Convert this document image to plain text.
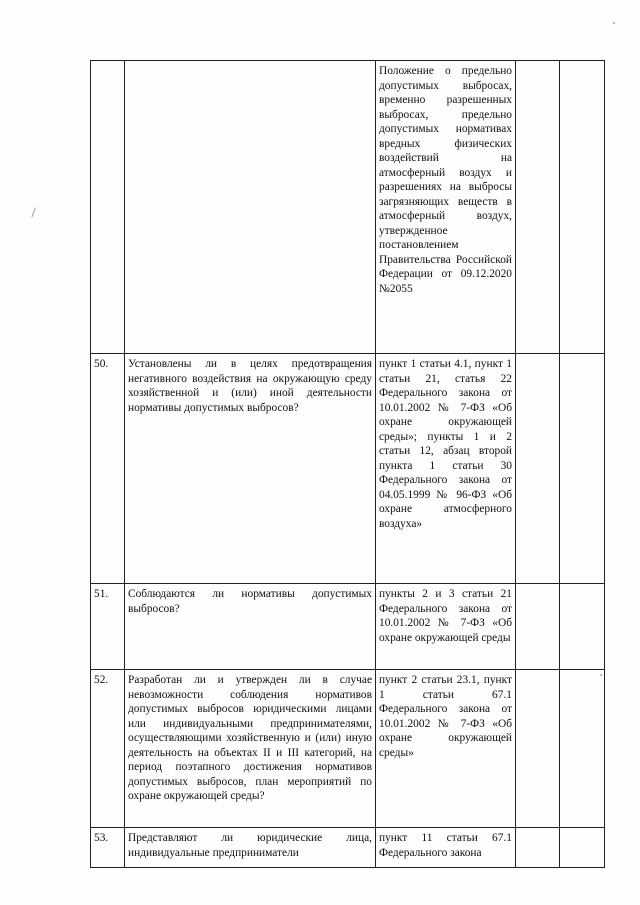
		Положение о предельно допустимых выбросах, временно разрешенных выбросах, предельно допустимых нормативах вредных физических воздействий на атмосферный воздух и разрешениях на выбросы загрязняющих веществ в атмосферный воздух, утвержденное постановлением Правительства Российской Федерации от 09.12.2020 №2055		
50.	Установлены ли в целях предотвращения негативного воздействия на окружающую среду хозяйственной и (или) иной деятельности нормативы допустимых выбросов?	пункт 1 статьи 4.1, пункт 1 статьи 21, статья 22 Федерального закона от 10.01.2002 № 7-ФЗ «Об охране окружающей среды»; пункты 1 и 2 статьи 12, абзац второй пункта 1 статьи 30 Федерального закона от 04.05.1999 № 96-ФЗ «Об охране атмосферного воздуха»		
51.	Соблюдаются ли нормативы допустимых выбросов?	пункты 2 и 3 статьи 21 Федерального закона от 10.01.2002 № 7-ФЗ «Об охране окружающей среды		
52.	Разработан ли и утвержден ли в случае невозможности соблюдения нормативов допустимых выбросов юридическими лицами или индивидуальными предпринимателями, осуществляющими хозяйственную и (или) иную деятельность на объектах II и III категорий, на период поэтапного достижения нормативов допустимых выбросов, план мероприятий по охране окружающей среды?	пункт 2 статьи 23.1, пункт 1 статьи 67.1 Федерального закона от 10.01.2002 № 7-ФЗ «Об охране окружающей среды»		
53.	Представляют ли юридические лица, индивидуальные предприниматели	пункт 11 статьи 67.1 Федерального закона		
